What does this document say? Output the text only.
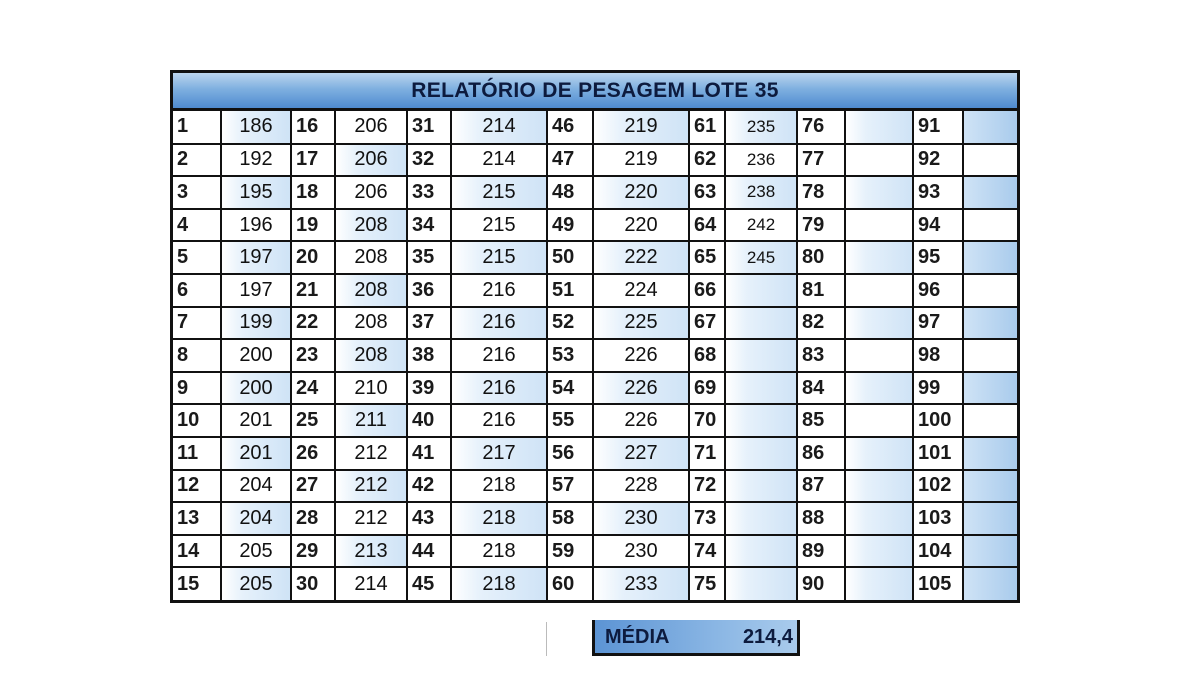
RELATÓRIO DE PESAGEM LOTE 35
1	186	16	206	31	214	46	219	61	235	76		91	
2	192	17	206	32	214	47	219	62	236	77		92	
3	195	18	206	33	215	48	220	63	238	78		93	
4	196	19	208	34	215	49	220	64	242	79		94	
5	197	20	208	35	215	50	222	65	245	80		95	
6	197	21	208	36	216	51	224	66		81		96	
7	199	22	208	37	216	52	225	67		82		97	
8	200	23	208	38	216	53	226	68		83		98	
9	200	24	210	39	216	54	226	69		84		99	
10	201	25	211	40	216	55	226	70		85		100	
11	201	26	212	41	217	56	227	71		86		101	
12	204	27	212	42	218	57	228	72		87		102	
13	204	28	212	43	218	58	230	73		88		103	
14	205	29	213	44	218	59	230	74		89		104	
15	205	30	214	45	218	60	233	75		90		105	
MÉDIA	214,4
